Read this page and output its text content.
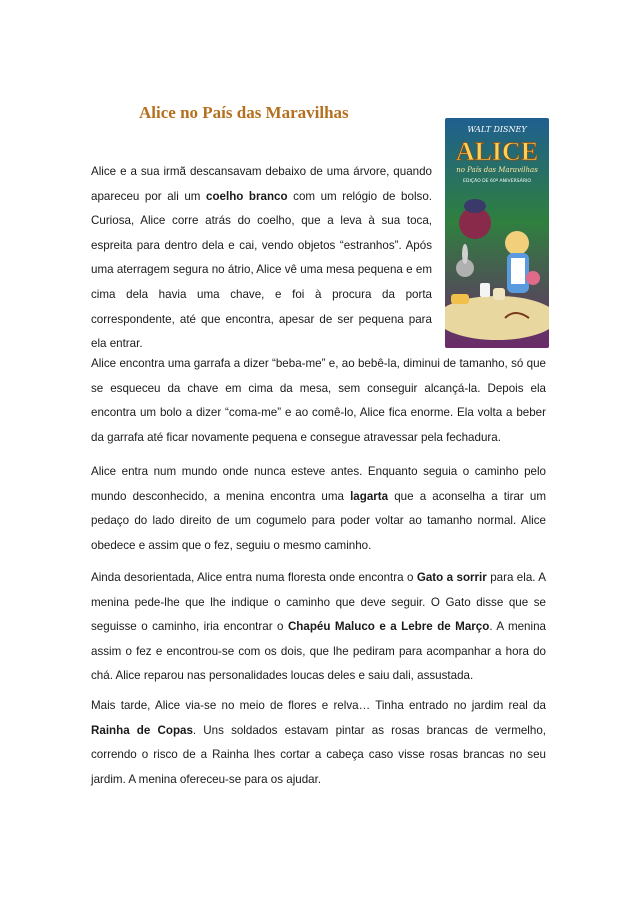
Alice no País das Maravilhas

Alice e a sua irmã descansavam debaixo de uma árvore, quando apareceu por ali um coelho branco com um relógio de bolso. Curiosa, Alice corre atrás do coelho, que a leva à sua toca, espreita para dentro dela e cai, vendo objetos “estranhos”. Após uma aterragem segura no átrio, Alice vê uma mesa pequena e em cima dela havia uma chave, e foi à procura da porta correspondente, até que encontra, apesar de ser pequena para ela entrar.

WALT DISNEY
ALICE
no País das Maravilhas
EDIÇÃO DE 60º ANIVERSÁRIO

Alice encontra uma garrafa a dizer “beba-me” e, ao bebê-la, diminui de tamanho, só que se esqueceu da chave em cima da mesa, sem conseguir alcançá-la. Depois ela encontra um bolo a dizer “coma-me” e ao comê-lo, Alice fica enorme. Ela volta a beber da garrafa até ficar novamente pequena e consegue atravessar pela fechadura.

Alice entra num mundo onde nunca esteve antes. Enquanto seguia o caminho pelo mundo desconhecido, a menina encontra uma lagarta que a aconselha a tirar um pedaço do lado direito de um cogumelo para poder voltar ao tamanho normal. Alice obedece e assim que o fez, seguiu o mesmo caminho.

Ainda desorientada, Alice entra numa floresta onde encontra o Gato a sorrir para ela. A menina pede-lhe que lhe indique o caminho que deve seguir. O Gato disse que se seguisse o caminho, iria encontrar o Chapéu Maluco e a Lebre de Março. A menina assim o fez e encontrou-se com os dois, que lhe pediram para acompanhar a hora do chá. Alice reparou nas personalidades loucas deles e saiu dali, assustada.

Mais tarde, Alice via-se no meio de flores e relva… Tinha entrado no jardim real da Rainha de Copas. Uns soldados estavam pintar as rosas brancas de vermelho, correndo o risco de a Rainha lhes cortar a cabeça caso visse rosas brancas no seu jardim. A menina ofereceu-se para os ajudar.
